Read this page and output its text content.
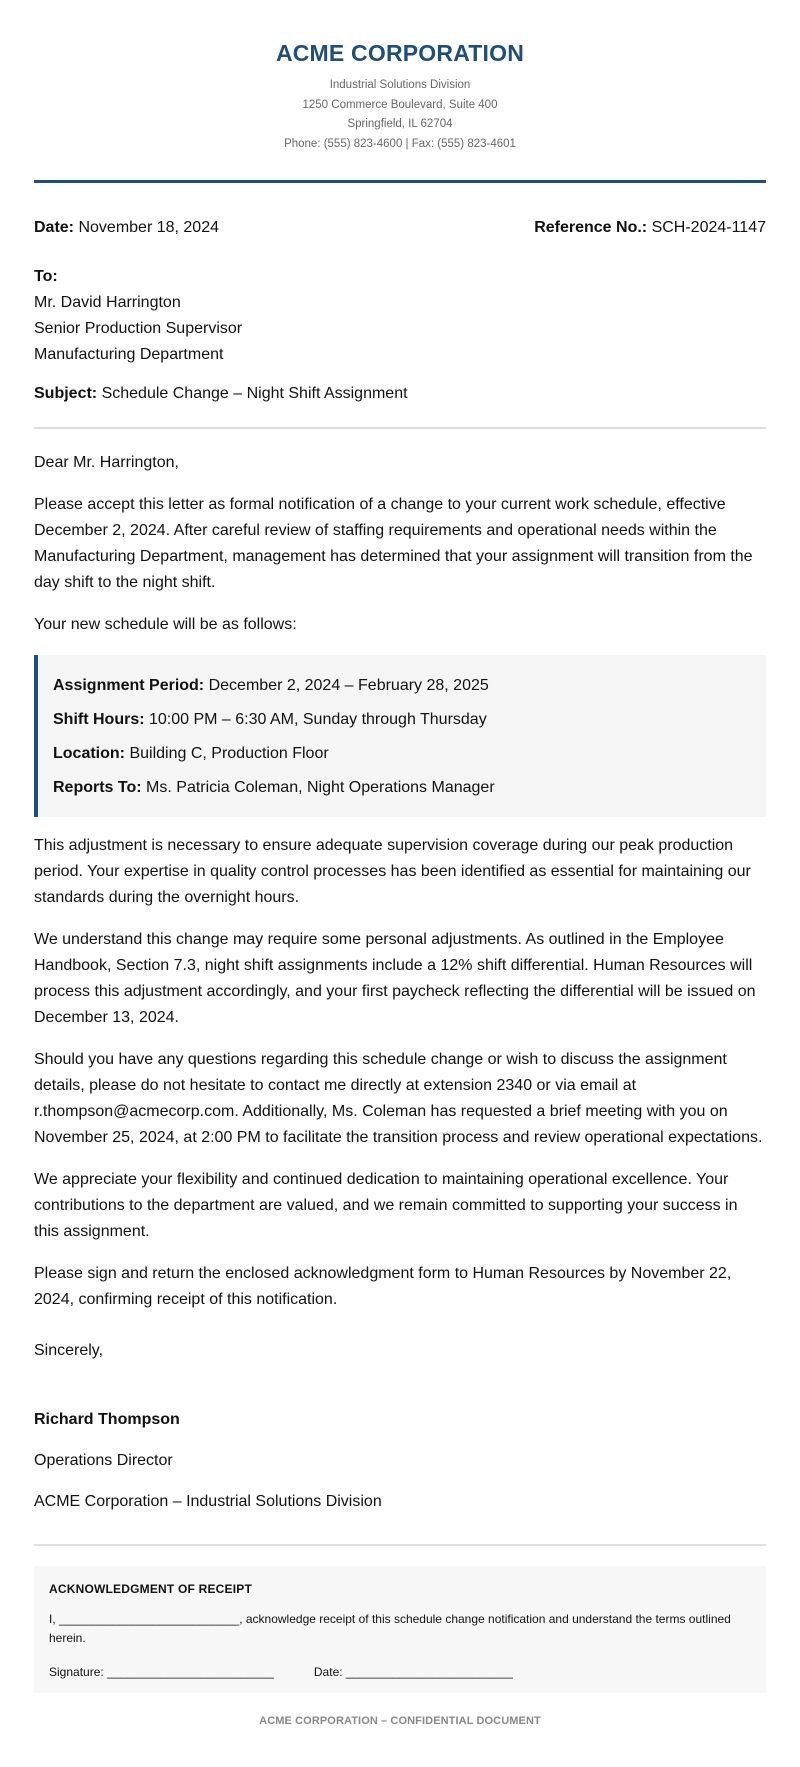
ACME CORPORATION
Industrial Solutions Division
1250 Commerce Boulevard, Suite 400
Springfield, IL 62704
Phone: (555) 823-4600 | Fax: (555) 823-4601
Date: November 18, 2024	Reference No.: SCH-2024-1147
To:
Mr. David Harrington
Senior Production Supervisor
Manufacturing Department
Subject: Schedule Change – Night Shift Assignment
Dear Mr. Harrington,

Please accept this letter as formal notification of a change to your current work schedule, effective December 2, 2024. After careful review of staffing requirements and operational needs within the Manufacturing Department, management has determined that your assignment will transition from the day shift to the night shift.

Your new schedule will be as follows:

Assignment Period: December 2, 2024 – February 28, 2025
Shift Hours: 10:00 PM – 6:30 AM, Sunday through Thursday
Location: Building C, Production Floor
Reports To: Ms. Patricia Coleman, Night Operations Manager

This adjustment is necessary to ensure adequate supervision coverage during our peak production period. Your expertise in quality control processes has been identified as essential for maintaining our standards during the overnight hours.

We understand this change may require some personal adjustments. As outlined in the Employee Handbook, Section 7.3, night shift assignments include a 12% shift differential. Human Resources will process this adjustment accordingly, and your first paycheck reflecting the differential will be issued on December 13, 2024.

Should you have any questions regarding this schedule change or wish to discuss the assignment details, please do not hesitate to contact me directly at extension 2340 or via email at r.thompson@acmecorp.com. Additionally, Ms. Coleman has requested a brief meeting with you on November 25, 2024, at 2:00 PM to facilitate the transition process and review operational expectations.

We appreciate your flexibility and continued dedication to maintaining operational excellence. Your contributions to the department are valued, and we remain committed to supporting your success in this assignment.

Please sign and return the enclosed acknowledgment form to Human Resources by November 22, 2024, confirming receipt of this notification.

Sincerely,
Richard Thompson
Operations Director
ACME Corporation – Industrial Solutions Division
ACKNOWLEDGMENT OF RECEIPT
I, ___________________________, acknowledge receipt of this schedule change notification and understand the terms outlined herein.
Signature: _________________________	Date: _________________________
ACME CORPORATION – CONFIDENTIAL DOCUMENT
